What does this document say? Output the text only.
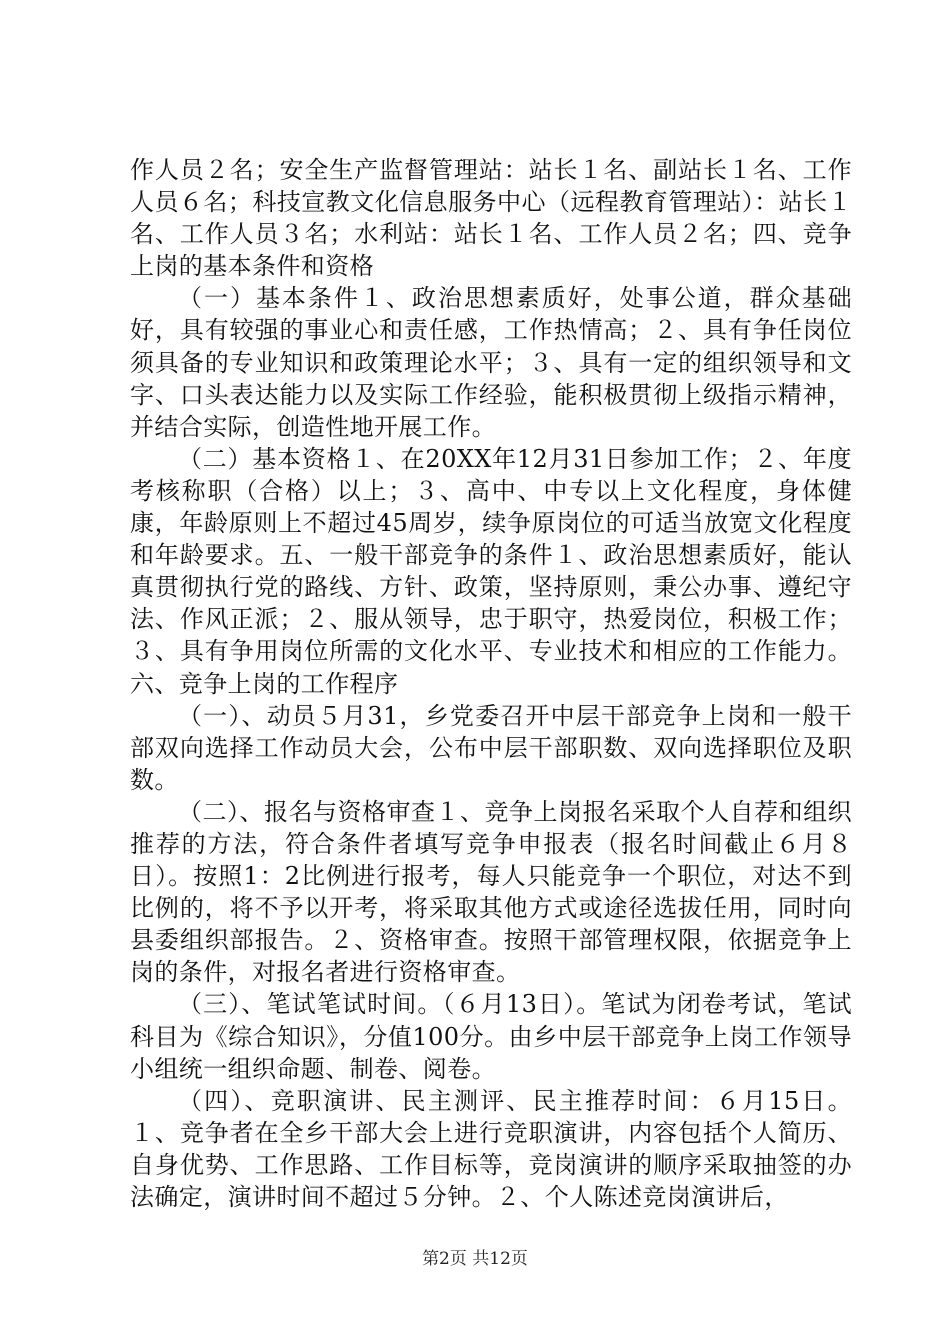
作人员２名；安全生产监督管理站：站长１名、副站长１名、工作人员６名；科技宣教文化信息服务中心（远程教育管理站）：站长１名、工作人员３名；水利站：站长１名、工作人员２名；四、竞争上岗的基本条件和资格

（一）基本条件１、政治思想素质好，处事公道，群众基础好，具有较强的事业心和责任感，工作热情高；２、具有争任岗位须具备的专业知识和政策理论水平；３、具有一定的组织领导和文字、口头表达能力以及实际工作经验，能积极贯彻上级指示精神，并结合实际，创造性地开展工作。

（二）基本资格１、在20XX年12月31日参加工作；２、年度考核称职（合格）以上；３、高中、中专以上文化程度，身体健康，年龄原则上不超过45周岁，续争原岗位的可适当放宽文化程度和年龄要求。五、一般干部竞争的条件１、政治思想素质好，能认真贯彻执行党的路线、方针、政策，坚持原则，秉公办事、遵纪守法、作风正派；２、服从领导，忠于职守，热爱岗位，积极工作；３、具有争用岗位所需的文化水平、专业技术和相应的工作能力。六、竞争上岗的工作程序

（一）、动员５月31，乡党委召开中层干部竞争上岗和一般干部双向选择工作动员大会，公布中层干部职数、双向选择职位及职数。

（二）、报名与资格审查１、竞争上岗报名采取个人自荐和组织推荐的方法，符合条件者填写竞争申报表（报名时间截止６月８日）。按照1：2比例进行报考，每人只能竞争一个职位，对达不到比例的，将不予以开考，将采取其他方式或途径选拔任用，同时向县委组织部报告。２、资格审查。按照干部管理权限，依据竞争上岗的条件，对报名者进行资格审查。

（三）、笔试笔试时间。（６月13日）。笔试为闭卷考试，笔试科目为《综合知识》，分值100分。由乡中层干部竞争上岗工作领导小组统一组织命题、制卷、阅卷。

（四）、竞职演讲、民主测评、民主推荐时间：６月15日。１、竞争者在全乡干部大会上进行竞职演讲，内容包括个人简历、自身优势、工作思路、工作目标等，竞岗演讲的顺序采取抽签的办法确定，演讲时间不超过５分钟。２、个人陈述竞岗演讲后，

第2页 共12页
